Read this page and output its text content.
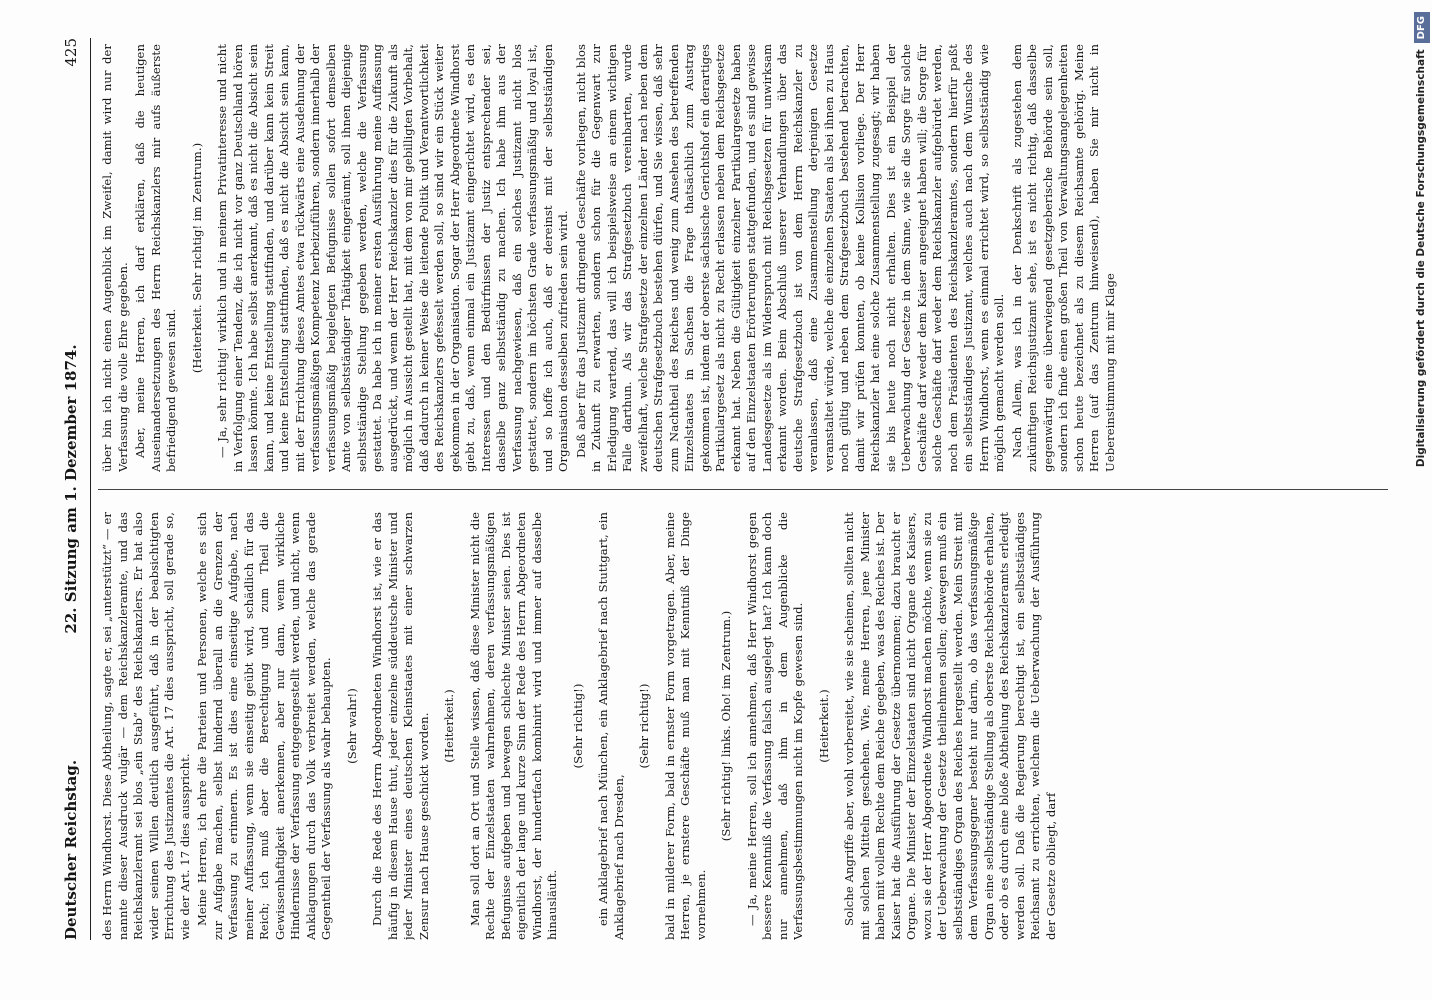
Deutscher Reichstag.
22. Sitzung am 1. Dezember 1874.
425

des Herrn Windhorst. Diese Abtheilung, sagte er, sei „unterstützt“ — er nannte dieser Ausdruck vulgär — dem Reichskanzleramte, und das Reichskanzleramt sei blos „ein Stab“ des Reichskanzlers. Er hat also wider seinen Willen deutlich ausgeführt, daß in der beabsichtigten Errichtung des Justizamtes die Art. 17 dies ausspricht, soll gerade so, wie der Art. 17 dies ausspricht. Meine Herren, ich ehre die Parteien und Personen, welche es sich zur Aufgabe machen, selbst hindernd überall an die Grenzen der Verfassung zu erinnern. Es ist dies eine einseitige Aufgabe, nach meiner Auffassung, wenn sie einseitig geübt wird, schädlich für das Reich; ich muß aber die Berechtigung und zum Theil die Gewissenhaftigkeit anerkennen, aber nur dann, wenn wirkliche Hindernisse der Verfassung entgegengestellt werden, und nicht, wenn Anklagungen durch das Volk verbreitet werden, welche das gerade Gegentheil der Verfassung als wahr behaupten. (Sehr wahr!) Durch die Rede des Herrn Abgeordneten Windhorst ist, wie er das häufig in diesem Hause thut, jeder einzelne süddeutsche Minister und jeder Minister eines deutschen Kleinstaates mit einer schwarzen Zensur nach Hause geschickt worden. (Heiterkeit.) Man soll dort an Ort und Stelle wissen, daß diese Minister nicht die Rechte der Einzelstaaten wahrnehmen, deren verfassungsmäßigen Befugnisse aufgeben und bewegen schlechte Minister seien. Dies ist eigentlich der lange und kurze Sinn der Rede des Herrn Abgeordneten Windhorst, der hundertfach kombinirt wird und immer auf dasselbe hinausläuft.

(Sehr richtig!) ein Anklagebrief nach München, ein Anklagebrief nach Stuttgart, ein Anklagebrief nach Dresden,

(Sehr richtig!) bald in milderer Form, bald in ernster Form vorgetragen. Aber, meine Herren, je ernstere Geschäfte muß man mit Kenntniß der Dinge vornehmen.

(Sehr richtig! links. Oho! im Zentrum.) — Ja, meine Herren, soll ich annehmen, daß Herr Windhorst gegen bessere Kenntniß die Verfassung falsch ausgelegt hat? Ich kann doch nur annehmen, daß ihm in dem Augenblicke die Verfassungsbestimmungen nicht im Kopfe gewesen sind. (Heiterkeit.) Solche Angriffe aber, wohl vorbereitet, wie sie scheinen, sollten nicht mit solchen Mitteln geschehen. Wie, meine Herren, jene Minister haben mit vollem Rechte dem Reiche gegeben, was des Reiches ist. Der Kaiser hat die Ausführung der Gesetze übernommen; dazu braucht er Organe. Die Minister der Einzelstaaten sind nicht Organe des Kaisers, wozu sie der Herr Abgeordnete Windhorst machen möchte, wenn sie zu der Ueberwachung der Gesetze theilnehmen sollen; deswegen muß ein selbstständiges Organ des Reiches hergestellt werden. Mein Streit mit dem Verfassungsgegner besteht nur darin, ob das verfassungsmäßige Organ eine selbstständige Stellung als oberste Reichsbehörde erhalten, oder ob es durch eine bloße Abtheilung des Reichskanzleramts erledigt werden soll. Daß die Regierung berechtigt ist, ein selbstständiges Reichsamt zu errichten, welchem die Ueberwachung der Ausführung der Gesetze obliegt, darf

über bin ich nicht einen Augenblick im Zweifel, damit wird nur der Verfassung die volle Ehre gegeben. Aber, meine Herren, ich darf erklären, daß die heutigen Auseinandersetzungen des Herrn Reichskanzlers mir aufs äußerste befriedigend gewesen sind.

(Heiterkeit. Sehr richtig! im Zentrum.) — Ja, sehr richtig! wirklich und in meinem Privatinteresse und nicht in Verfolgung einer Tendenz, die ich nicht vor ganz Deutschland hören lassen könnte. Ich habe selbst anerkannt, daß es nicht die Absicht sein kann, und keine Entstellung stattfinden, und darüber kann kein Streit und keine Entstellung stattfinden, daß es nicht die Absicht sein kann, mit der Errichtung dieses Amtes etwa rückwärts eine Ausdehnung der verfassungsmäßigen Kompetenz herbeizuführen, sondern innerhalb der verfassungsmäßig beigelegten Befugnisse sollen sofort demselben Amte von selbstständiger Thätigkeit eingeräumt, soll ihnen diejenige selbstständige Stellung gegeben werden, welche die Verfassung gestattet. Da habe ich in meiner ersten Ausführung meine Auffassung ausgedrückt, und wenn der Herr Reichskanzler dies für die Zukunft als möglich in Aussicht gestellt hat, mit dem von mir gebilligten Vorbehalt, daß dadurch in keiner Weise die leitende Politik und Verantwortlichkeit des Reichskanzlers gefesselt werden soll, so sind wir ein Stück weiter gekommen in der Organisation. Sogar der Herr Abgeordnete Windhorst giebt zu, daß, wenn einmal ein Justizamt eingerichtet wird, es den Interessen und den Bedürfnissen der Justiz entsprechender sei, dasselbe ganz selbstständig zu machen. Ich habe ihm aus der Verfassung nachgewiesen, daß ein solches Justizamt nicht blos gestattet, sondern im höchsten Grade verfassungsmäßig und loyal ist, und so hoffe ich auch, daß er dereinst mit der selbstständigen Organisation desselben zufrieden sein wird. Daß aber für das Justizamt dringende Geschäfte vorliegen, nicht blos in Zukunft zu erwarten, sondern schon für die Gegenwart zur Erledigung wartend, das will ich beispielsweise an einem wichtigen Falle darthun. Als wir das Strafgesetzbuch vereinbarten, wurde zweifelhaft, welche Strafgesetze der einzelnen Länder nach neben dem deutschen Strafgesetzbuch bestehen dürfen, und Sie wissen, daß sehr zum Nachtheil des Reiches und wenig zum Ansehen des betreffenden Einzelstaates in Sachsen die Frage thatsächlich zum Austrag gekommen ist, indem der oberste sächsische Gerichtshof ein derartiges Partikulargesetz als nicht zu Recht erlassen neben dem Reichsgesetze erkannt hat. Neben die Gültigkeit einzelner Partikulargesetze haben auf den Einzelstaaten Erörterungen stattgefunden, und es sind gewisse Landesgesetze als im Widerspruch mit Reichsgesetzen für unwirksam erkannt worden. Beim Abschluß unserer Verhandlungen über das deutsche Strafgesetzbuch ist von dem Herrn Reichskanzler zu veranlassen, daß eine Zusammenstellung derjenigen Gesetze veranstaltet würde, welche die einzelnen Staaten als bei ihnen zu Haus noch gültig und neben dem Strafgesetzbuch bestehend betrachten, damit wir prüfen konnten, ob keine Kollision vorliege. Der Herr Reichskanzler hat eine solche Zusammenstellung zugesagt; wir haben sie bis heute noch nicht erhalten. Dies ist ein Beispiel der Ueberwachung der Gesetze in dem Sinne, wie sie die Sorge für solche Geschäfte darf weder dem Kaiser angeeignet haben will; die Sorge für solche Geschäfte darf weder dem Reichskanzler aufgebürdet werden, noch dem Präsidenten des Reichskanzleramtes, sondern hierfür paßt ein selbstständiges Justizamt, welches auch nach dem Wunsche des Herrn Windhorst, wenn es einmal errichtet wird, so selbstständig wie möglich gemacht werden soll. Nach Allem, was ich in der Denkschrift als zugestehen dem zukünftigen Reichsjustizamt sehe, ist es nicht richtig, daß dasselbe gegenwärtig eine überwiegend gesetzgeberische Behörde sein soll, sondern ich finde einen großen Theil von Verwaltungsangelegenheiten schon heute bezeichnet als zu diesem Reichsamte gehörig. Meine Herren (auf das Zentrum hinweisend), haben Sie mir nicht in Uebereinstimmung mit mir Klage	Digitalisierung gefördert durch die Deutsche ForschungsgemeinschaftDFG
